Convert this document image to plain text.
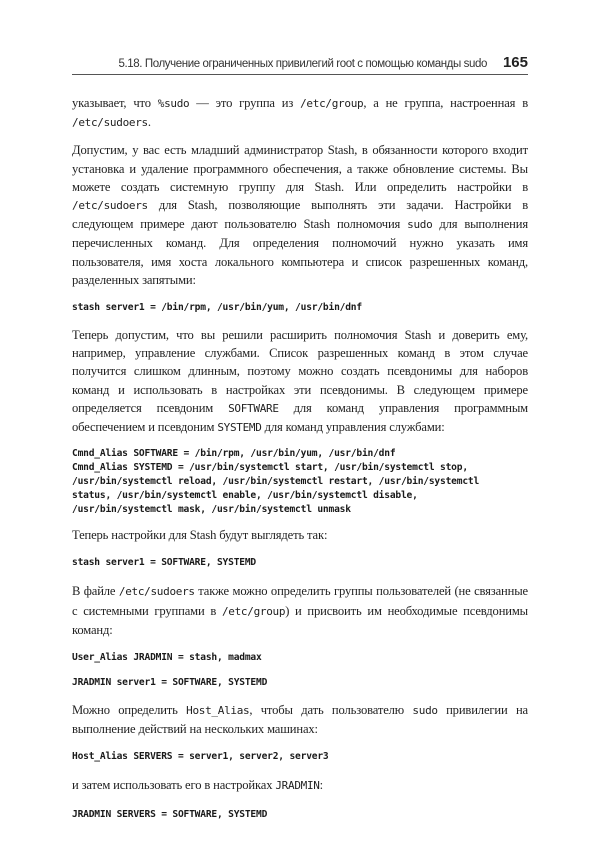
5.18. Получение ограниченных привилегий root с помощью команды sudo 165

указывает, что %sudo — это группа из /etc/group, а не группа, настроенная в /etc/sudoers.

Допустим, у вас есть младший администратор Stash, в обязанности которого входит установка и удаление программного обеспечения, а также обновление системы. Вы можете создать системную группу для Stash. Или определить настройки в /etc/sudoers для Stash, позволяющие выполнять эти задачи. Настройки в следующем примере дают пользователю Stash полномочия sudo для выполнения перечисленных команд. Для определения полномочий нужно указать имя пользователя, имя хоста локального компьютера и список разрешенных команд, разделенных запятыми:

stash server1 = /bin/rpm, /usr/bin/yum, /usr/bin/dnf

Теперь допустим, что вы решили расширить полномочия Stash и доверить ему, например, управление службами. Список разрешенных команд в этом случае получится слишком длинным, поэтому можно создать псевдонимы для наборов команд и использовать в настройках эти псевдонимы. В следующем примере определяется псевдоним SOFTWARE для команд управления программным обеспечением и псевдоним SYSTEMD для команд управления службами:

Cmnd_Alias SOFTWARE = /bin/rpm, /usr/bin/yum, /usr/bin/dnf
Cmnd_Alias SYSTEMD = /usr/bin/systemctl start, /usr/bin/systemctl stop,
/usr/bin/systemctl reload, /usr/bin/systemctl restart, /usr/bin/systemctl
status, /usr/bin/systemctl enable, /usr/bin/systemctl disable,
/usr/bin/systemctl mask, /usr/bin/systemctl unmask

Теперь настройки для Stash будут выглядеть так:

stash server1 = SOFTWARE, SYSTEMD

В файле /etc/sudoers также можно определить группы пользователей (не связанные с системными группами в /etc/group) и присвоить им необходимые псевдонимы команд:

User_Alias JRADMIN = stash, madmax
JRADMIN server1 = SOFTWARE, SYSTEMD

Можно определить Host_Alias, чтобы дать пользователю sudo привилегии на выполнение действий на нескольких машинах:

Host_Alias SERVERS = server1, server2, server3

и затем использовать его в настройках JRADMIN:

JRADMIN SERVERS = SOFTWARE, SYSTEMD
